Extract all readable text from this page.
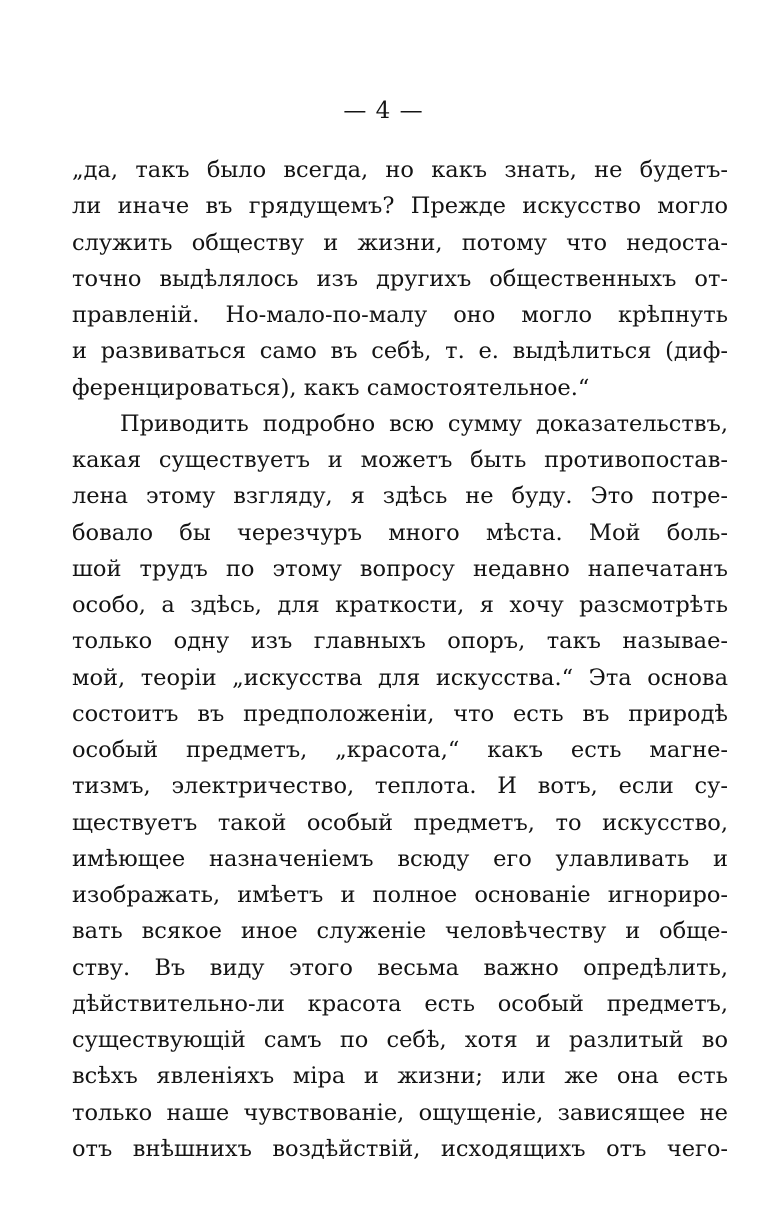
— 4 —
„да, такъ было всегда, но какъ знать, не будетъ-
ли иначе въ грядущемъ? Прежде искусство могло
служить обществу и жизни, потому что недоста-
точно выдѣлялось изъ другихъ общественныхъ от-
правленій. Но-мало-по-малу оно могло крѣпнуть
и развиваться само въ себѣ, т. е. выдѣлиться (диф-
ференцироваться), какъ самостоятельное.“
Приводить подробно всю сумму доказательствъ,
какая существуетъ и можетъ быть противопостав-
лена этому взгляду, я здѣсь не буду. Это потре-
бовало бы черезчуръ много мѣста. Мой боль-
шой трудъ по этому вопросу недавно напечатанъ
особо, а здѣсь, для краткости, я хочу разсмотрѣть
только одну изъ главныхъ опоръ, такъ называе-
мой, теоріи „искусства для искусства.“ Эта основа
состоитъ въ предположеніи, что есть въ природѣ
особый предметъ, „красота,“ какъ есть магне-
тизмъ, электричество, теплота. И вотъ, если су-
ществуетъ такой особый предметъ, то искусство,
имѣющее назначеніемъ всюду его улавливать и
изображать, имѣетъ и полное основаніе игнориро-
вать всякое иное служеніе человѣчеству и обще-
ству. Въ виду этого весьма важно опредѣлить,
дѣйствительно-ли красота есть особый предметъ,
существующій самъ по себѣ, хотя и разлитый во
всѣхъ явленіяхъ міра и жизни; или же она есть
только наше чувствованіе, ощущеніе, зависящее не
отъ внѣшнихъ воздѣйствій, исходящихъ отъ чего-
